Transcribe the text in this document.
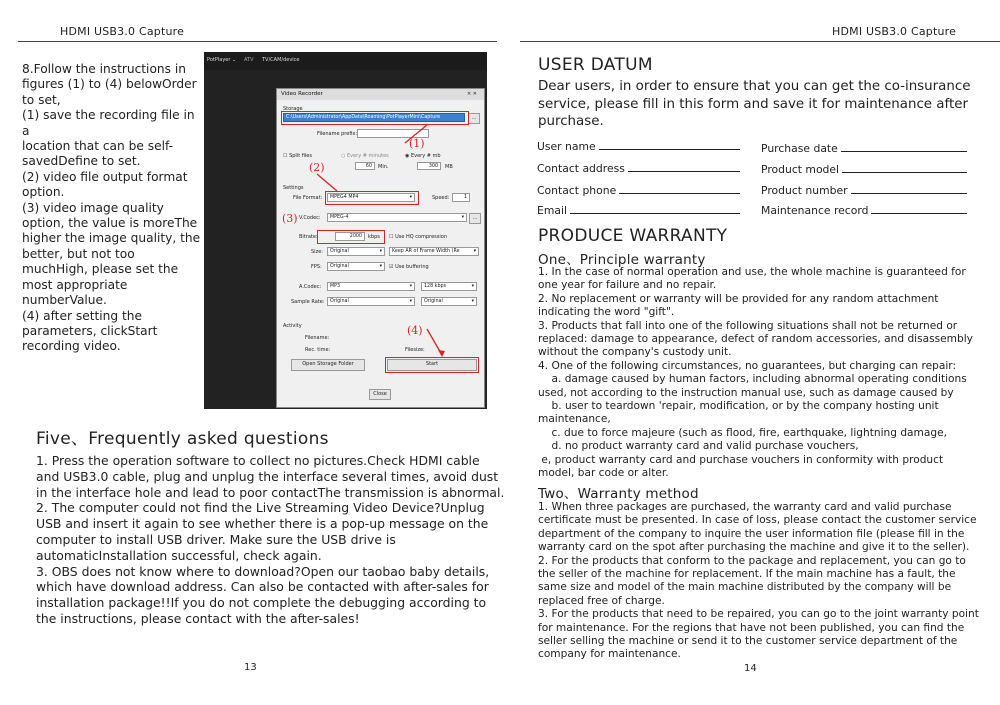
HDMI USB3.0 Capture	HDMI USB3.0 Capture
8.Follow the instructions in
figures (1) to (4) belowOrder
to set,
(1) save the recording file in a
location that can be self-
savedDefine to set.
(2) video file output format
option.
(3) video image quality
option, the value is moreThe
higher the image quality, the
better, but not too
muchHigh, please set the
most appropriate
numberValue.
(4) after setting the
parameters, clickStart
recording video.
PotPlayer ⌄ ATV TV/CAM/device
Video Recorder	× ✕
Storage
C:\Users\Administrator\AppData\Roaming\PotPlayerMini\Capture	...
Filename prefix:
☐ Split files	○ Every # minutes	◉ Every # mb
60	Min.	300	MB
Settings
File Format:	MPEG4 MP4	▾	Speed:	1
V.Codec:	MPEG-4	▾	...
Bitrate:	2000	kbps ☐ Use HQ compression
Size:	Original	▾	Keep AR of Frame Width (Re	▾
FPS:	Original	▾ ☑ Use buffering
A.Codec:	MP3	▾	128 kbps	▾
Sample Rate:	Original	▾	Original	▾
Activity
Filename:
Rec. time:	Filesize:
Open Storage Folder	Start
Close
(1)
(2)
(4)
(3)
Five、Frequently asked questions
1. Press the operation software to collect no pictures.Check HDMI cable and USB3.0 cable, plug and unplug the interface several times, avoid dust in the interface hole and lead to poor contactThe transmission is abnormal.
2. The computer could not find the Live Streaming Video Device?Unplug USB and insert it again to see whether there is a pop-up message on the computer to install USB driver. Make sure the USB drive is automaticInstallation successful, check again.
3. OBS does not know where to download?Open our taobao baby details, which have download address. Can also be contacted with after-sales for installation package!!If you do not complete the debugging according to the instructions, please contact with the after-sales!
13
USER DATUM
Dear users, in order to ensure that you can get the co-insurance service, please fill in this form and save it for maintenance after purchase.
User name
Contact address
Contact phone
Email
Purchase date
Product model
Product number
Maintenance record
PRODUCE WARRANTY
One、Principle warranty
1. In the case of normal operation and use, the whole machine is guaranteed for one year for failure and no repair.
2. No replacement or warranty will be provided for any random attachment indicating the word "gift".
3. Products that fall into one of the following situations shall not be returned or replaced: damage to appearance, defect of random accessories, and disassembly without the company's custody unit.
4. One of the following circumstances, no guarantees, but charging can repair:
a. damage caused by human factors, including abnormal operating conditions used, not according to the instruction manual use, such as damage caused by
b. user to teardown 'repair, modification, or by the company hosting unit maintenance,
c. due to force majeure (such as flood, fire, earthquake, lightning damage,
d. no product warranty card and valid purchase vouchers,
e, product warranty card and purchase vouchers in conformity with product model, bar code or alter.
Two、Warranty method
1. When three packages are purchased, the warranty card and valid purchase certificate must be presented. In case of loss, please contact the customer service department of the company to inquire the user information file (please fill in the warranty card on the spot after purchasing the machine and give it to the seller).
2. For the products that conform to the package and replacement, you can go to the seller of the machine for replacement. If the main machine has a fault, the same size and model of the main machine distributed by the company will be replaced free of charge.
3. For the products that need to be repaired, you can go to the joint warranty point for maintenance. For the regions that have not been published, you can find the seller selling the machine or send it to the customer service department of the company for maintenance.
14
